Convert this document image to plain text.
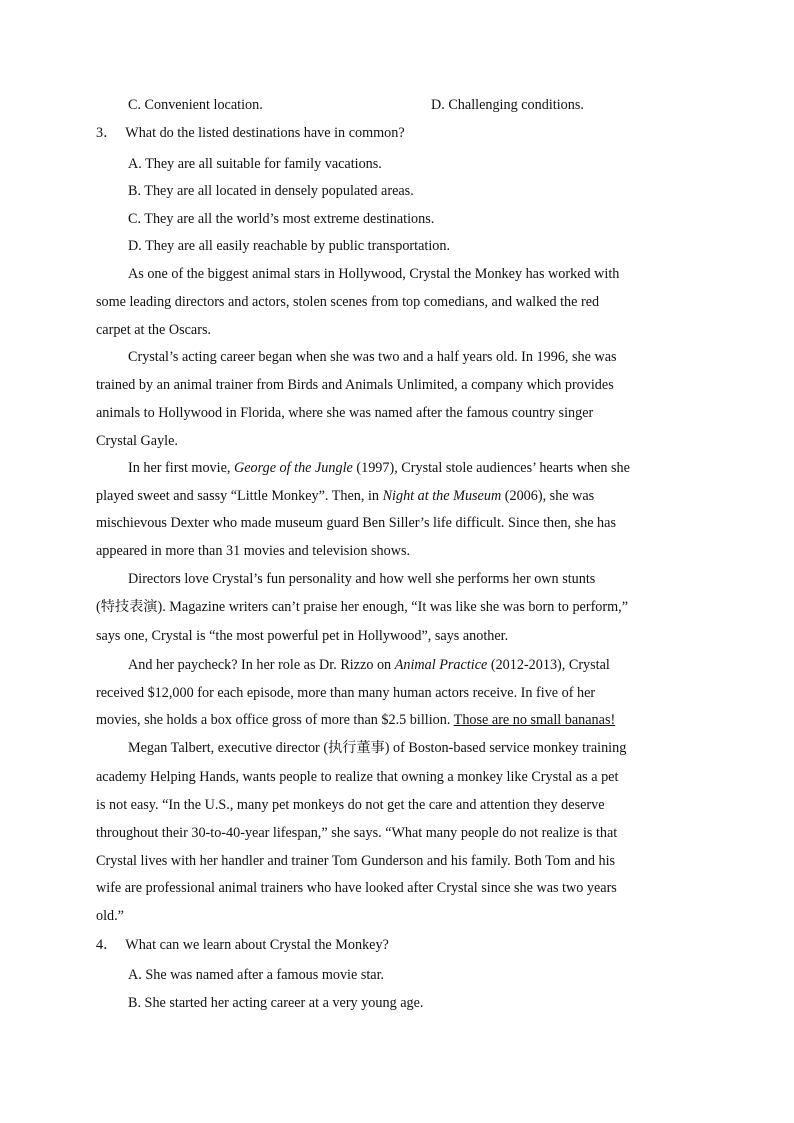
C. Convenient location.	D. Challenging conditions.
3． What do the listed destinations have in common?
A. They are all suitable for family vacations.
B. They are all located in densely populated areas.
C. They are all the world’s most extreme destinations.
D. They are all easily reachable by public transportation.
As one of the biggest animal stars in Hollywood, Crystal the Monkey has worked with
some leading directors and actors, stolen scenes from top comedians, and walked the red
carpet at the Oscars.
Crystal’s acting career began when she was two and a half years old. In 1996, she was
trained by an animal trainer from Birds and Animals Unlimited, a company which provides
animals to Hollywood in Florida, where she was named after the famous country singer
Crystal Gayle.
In her first movie, George of the Jungle (1997), Crystal stole audiences’ hearts when she
played sweet and sassy “Little Monkey”. Then, in Night at the Museum (2006), she was
mischievous Dexter who made museum guard Ben Siller’s life difficult. Since then, she has
appeared in more than 31 movies and television shows.
Directors love Crystal’s fun personality and how well she performs her own stunts
(特技表演). Magazine writers can’t praise her enough, “It was like she was born to perform,”
says one, Crystal is “the most powerful pet in Hollywood”, says another.
And her paycheck? In her role as Dr. Rizzo on Animal Practice (2012-2013), Crystal
received $12,000 for each episode, more than many human actors receive. In five of her
movies, she holds a box office gross of more than $2.5 billion. Those are no small bananas!
Megan Talbert, executive director (执行董事) of Boston-based service monkey training
academy Helping Hands, wants people to realize that owning a monkey like Crystal as a pet
is not easy. “In the U.S., many pet monkeys do not get the care and attention they deserve
throughout their 30-to-40-year lifespan,” she says. “What many people do not realize is that
Crystal lives with her handler and trainer Tom Gunderson and his family. Both Tom and his
wife are professional animal trainers who have looked after Crystal since she was two years
old.”
4． What can we learn about Crystal the Monkey?
A. She was named after a famous movie star.
B. She started her acting career at a very young age.
